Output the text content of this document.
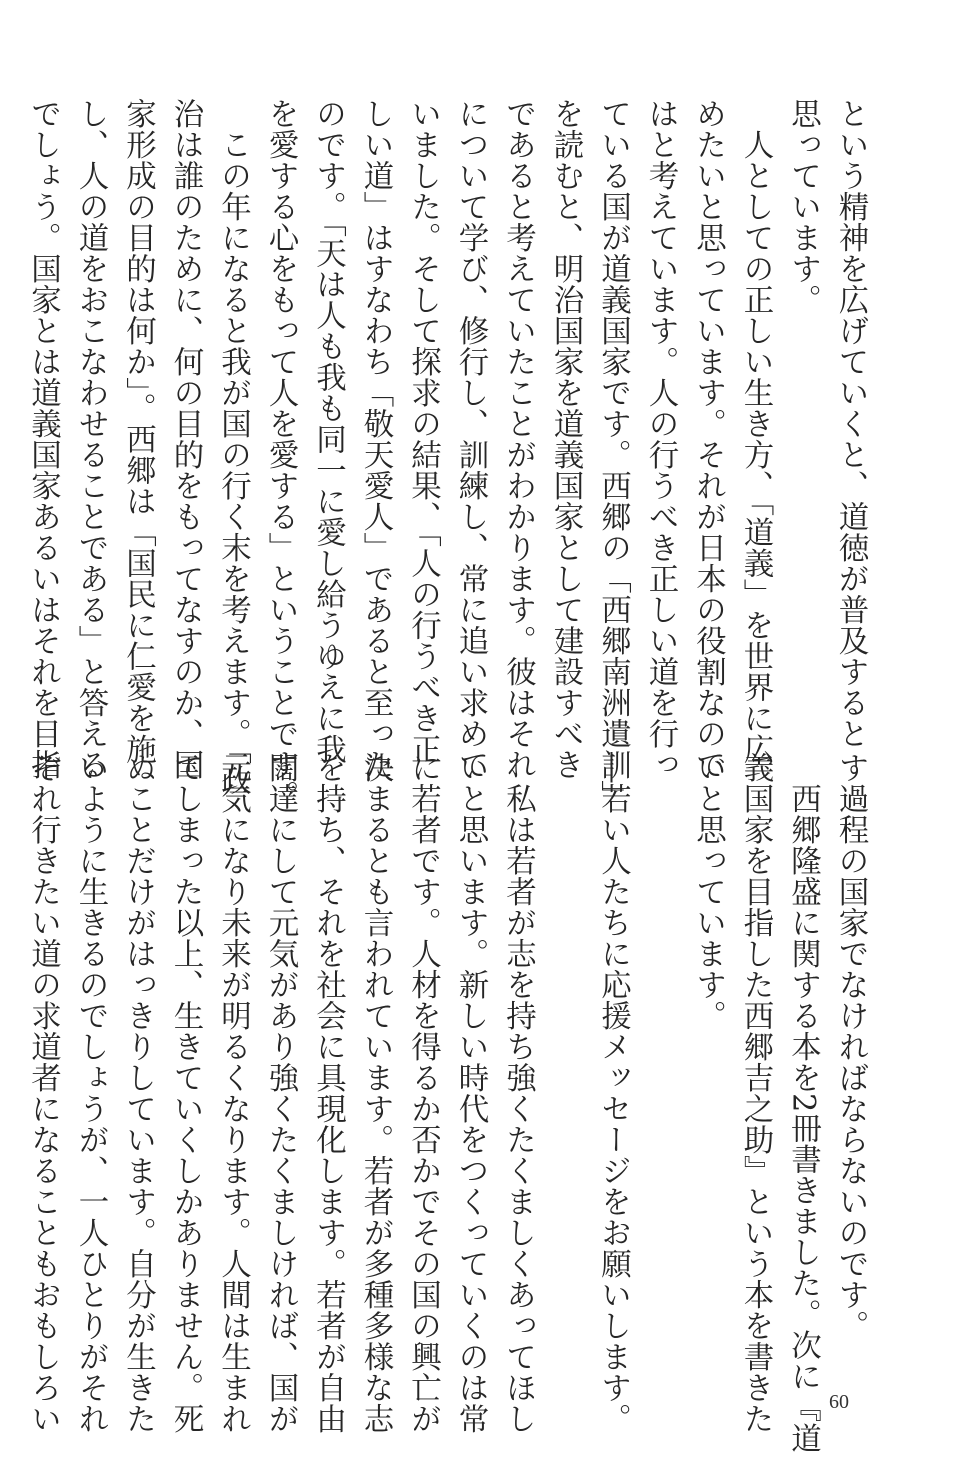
という精神を広げていくと、道徳が普及すると

思っています。

　人としての正しい生き方、「道義」を世界に広

めたいと思っています。それが日本の役割なので

はと考えています。人の行うべき正しい道を行っ

ている国が道義国家です。西郷の「西郷南洲遺訓」

を読むと、明治国家を道義国家として建設すべき

であると考えていたことがわかります。彼はそれ

について学び、修行し、訓練し、常に追い求めて

いました。そして探求の結果、「人の行うべき正

しい道」はすなわち「敬天愛人」であると至った

のです。「天は人も我も同一に愛し給うゆえに我

を愛する心をもって人を愛する」ということです。

　この年になると我が国の行く末を考えます。「政

治は誰のために、何の目的をもってなすのか、国

家形成の目的は何か」。西郷は「国民に仁愛を施

し、人の道をおこなわせることである」と答える

でしょう。国家とは道義国家あるいはそれを目指

す過程の国家でなければならないのです。

　西郷隆盛に関する本を2冊書きました。次に『道

義国家を目指した西郷吉之助』という本を書きた

いと思っています。

―若い人たちに応援メッセージをお願いします。

　私は若者が志を持ち強くたくましくあってほし

いと思います。新しい時代をつくっていくのは常

に若者です。人材を得るか否かでその国の興亡が

決まるとも言われています。若者が多種多様な志

を持ち、それを社会に具現化します。若者が自由

闊達にして元気があり強くたくましければ、国が

元気になり未来が明るくなります。人間は生まれ

てしまった以上、生きていくしかありません。死

ぬことだけがはっきりしています。自分が生きた

いように生きるのでしょうが、一人ひとりがそれ

ぞれ行きたい道の求道者になることもおもしろい	60
